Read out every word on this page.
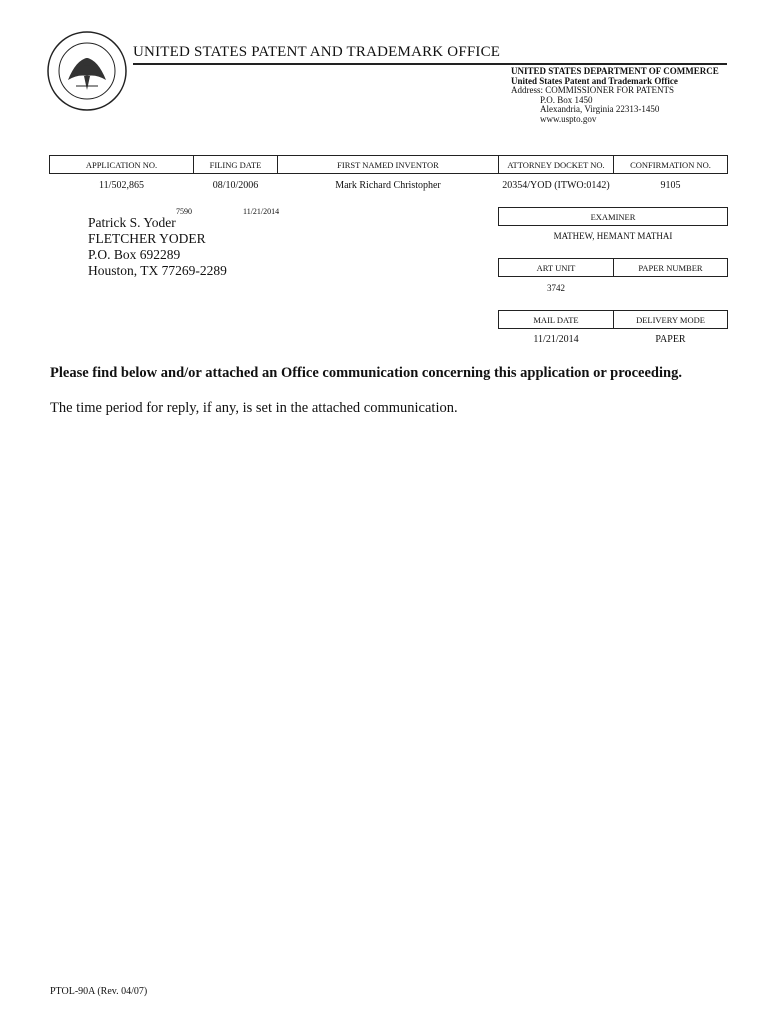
UNITED STATES PATENT AND TRADEMARK OFFICE
UNITED STATES DEPARTMENT OF COMMERCE
United States Patent and Trademark Office
Address: COMMISSIONER FOR PATENTS
P.O. Box 1450
Alexandria, Virginia 22313-1450
www.uspto.gov
APPLICATION NO.	FILING DATE	FIRST NAMED INVENTOR	ATTORNEY DOCKET NO.	CONFIRMATION NO.
11/502,865	08/10/2006	Mark Richard Christopher	20354/YOD (ITWO:0142)	9105
7590	11/21/2014
Patrick S. Yoder
FLETCHER YODER
P.O. Box 692289
Houston, TX 77269-2289
EXAMINER
MATHEW, HEMANT MATHAI
ART UNIT	PAPER NUMBER
3742
MAIL DATE	DELIVERY MODE
11/21/2014	PAPER
Please find below and/or attached an Office communication concerning this application or proceeding.
The time period for reply, if any, is set in the attached communication.
PTOL-90A (Rev. 04/07)
